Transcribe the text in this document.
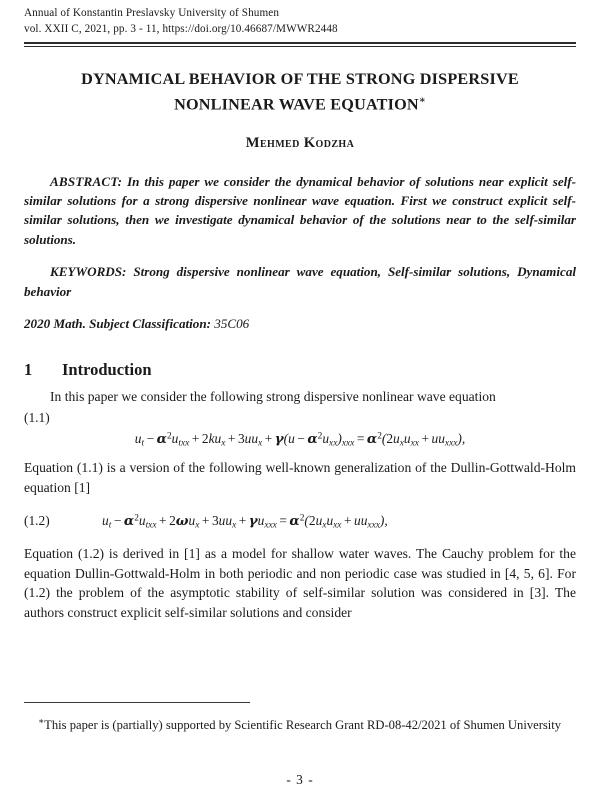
Annual of Konstantin Preslavsky University of Shumen
vol. XXII C, 2021, pp. 3 - 11, https://doi.org/10.46687/MWWR2448
DYNAMICAL BEHAVIOR OF THE STRONG DISPERSIVE
NONLINEAR WAVE EQUATION∗
Mehmed Kodzha
ABSTRACT: In this paper we consider the dynamical behavior of solutions near explicit self-similar solutions for a strong dispersive nonlinear wave equation. First we construct explicit self-similar solutions, then we investigate dynamical behavior of the solutions near to the self-similar solutions.
KEYWORDS: Strong dispersive nonlinear wave equation, Self-similar solutions, Dynamical behavior
2020 Math. Subject Classification: 35C06
1	Introduction
In this paper we consider the following strong dispersive nonlinear wave equation
(1.1)
$u_t - \alpha^2u_{txx} + 2ku_x + 3uu_x + \gamma(u - \alpha^2u_{xx})_{xxx} = \alpha^2(2u_xu_{xx} + uu_{xxx})$,
Equation (1.1) is a version of the following well-known generalization of the Dullin-Gottwald-Holm equation [1]
(1.2)	$u_t - \alpha^2u_{txx} + 2\omega u_x + 3uu_x + \gamma u_{xxx} = \alpha^2(2u_xu_{xx} + uu_{xxx})$,
Equation (1.2) is derived in [1] as a model for shallow water waves. The Cauchy problem for the equation Dullin-Gottwald-Holm in both periodic and non periodic case was studied in [4, 5, 6]. For (1.2) the problem of the asymptotic stability of self-similar solution was considered in [3]. The authors construct explicit self-similar solutions and consider
∗This paper is (partially) supported by Scientific Research Grant RD-08-42/2021 of Shumen University
- 3 -
